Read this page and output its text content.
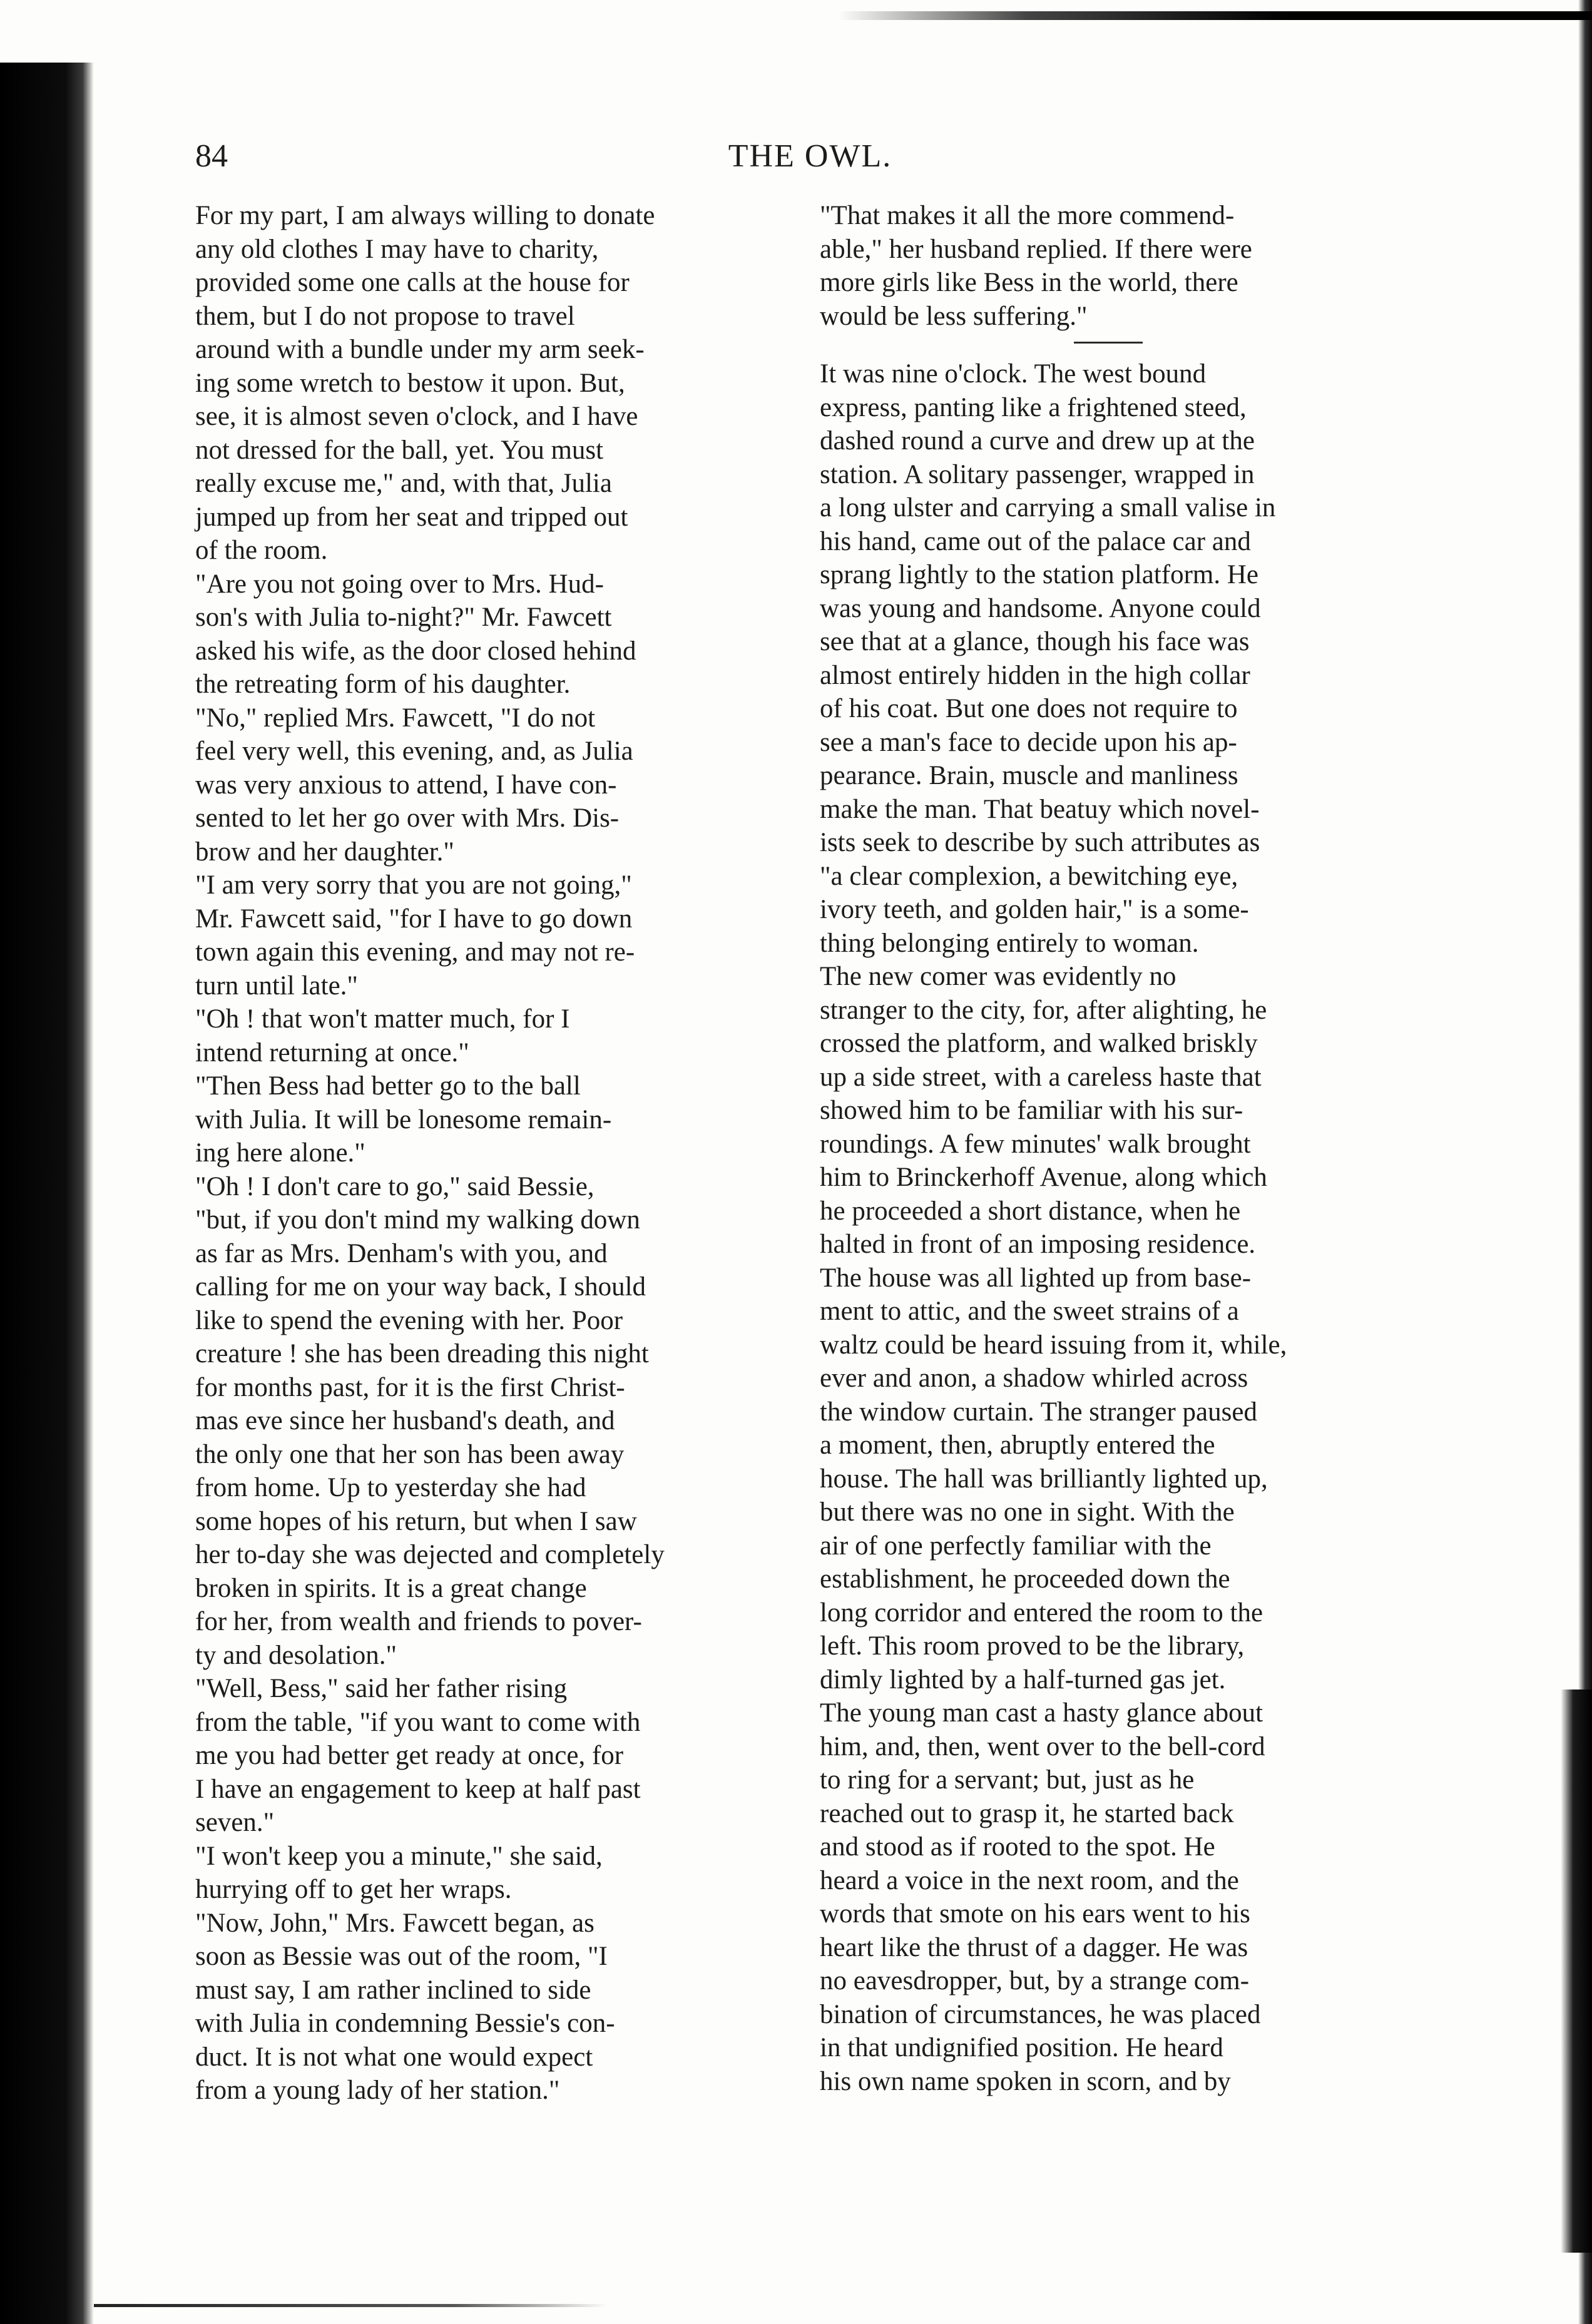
84	THE OWL.
For my part, I am always willing to donate
any old clothes I may have to charity,
provided some one calls at the house for
them, but I do not propose to travel
around with a bundle under my arm seek-
ing some wretch to bestow it upon. But,
see, it is almost seven o'clock, and I have
not dressed for the ball, yet. You must
really excuse me," and, with that, Julia
jumped up from her seat and tripped out
of the room.
"Are you not going over to Mrs. Hud-
son's with Julia to-night?" Mr. Fawcett
asked his wife, as the door closed hehind
the retreating form of his daughter.
"No," replied Mrs. Fawcett, "I do not
feel very well, this evening, and, as Julia
was very anxious to attend, I have con-
sented to let her go over with Mrs. Dis-
brow and her daughter."
"I am very sorry that you are not going,"
Mr. Fawcett said, "for I have to go down
town again this evening, and may not re-
turn until late."
"Oh ! that won't matter much, for I
intend returning at once."
"Then Bess had better go to the ball
with Julia. It will be lonesome remain-
ing here alone."
"Oh ! I don't care to go," said Bessie,
"but, if you don't mind my walking down
as far as Mrs. Denham's with you, and
calling for me on your way back, I should
like to spend the evening with her. Poor
creature ! she has been dreading this night
for months past, for it is the first Christ-
mas eve since her husband's death, and
the only one that her son has been away
from home. Up to yesterday she had
some hopes of his return, but when I saw
her to-day she was dejected and completely
broken in spirits. It is a great change
for her, from wealth and friends to pover-
ty and desolation."
"Well, Bess," said her father rising
from the table, "if you want to come with
me you had better get ready at once, for
I have an engagement to keep at half past
seven."
"I won't keep you a minute," she said,
hurrying off to get her wraps.
"Now, John," Mrs. Fawcett began, as
soon as Bessie was out of the room, "I
must say, I am rather inclined to side
with Julia in condemning Bessie's con-
duct. It is not what one would expect
from a young lady of her station."
"That makes it all the more commend-
able," her husband replied. If there were
more girls like Bess in the world, there
would be less suffering."
It was nine o'clock. The west bound
express, panting like a frightened steed,
dashed round a curve and drew up at the
station. A solitary passenger, wrapped in
a long ulster and carrying a small valise in
his hand, came out of the palace car and
sprang lightly to the station platform. He
was young and handsome. Anyone could
see that at a glance, though his face was
almost entirely hidden in the high collar
of his coat. But one does not require to
see a man's face to decide upon his ap-
pearance. Brain, muscle and manliness
make the man. That beatuy which novel-
ists seek to describe by such attributes as
"a clear complexion, a bewitching eye,
ivory teeth, and golden hair," is a some-
thing belonging entirely to woman.
The new comer was evidently no
stranger to the city, for, after alighting, he
crossed the platform, and walked briskly
up a side street, with a careless haste that
showed him to be familiar with his sur-
roundings. A few minutes' walk brought
him to Brinckerhoff Avenue, along which
he proceeded a short distance, when he
halted in front of an imposing residence.
The house was all lighted up from base-
ment to attic, and the sweet strains of a
waltz could be heard issuing from it, while,
ever and anon, a shadow whirled across
the window curtain. The stranger paused
a moment, then, abruptly entered the
house. The hall was brilliantly lighted up,
but there was no one in sight. With the
air of one perfectly familiar with the
establishment, he proceeded down the
long corridor and entered the room to the
left. This room proved to be the library,
dimly lighted by a half-turned gas jet.
The young man cast a hasty glance about
him, and, then, went over to the bell-cord
to ring for a servant; but, just as he
reached out to grasp it, he started back
and stood as if rooted to the spot. He
heard a voice in the next room, and the
words that smote on his ears went to his
heart like the thrust of a dagger. He was
no eavesdropper, but, by a strange com-
bination of circumstances, he was placed
in that undignified position. He heard
his own name spoken in scorn, and by
